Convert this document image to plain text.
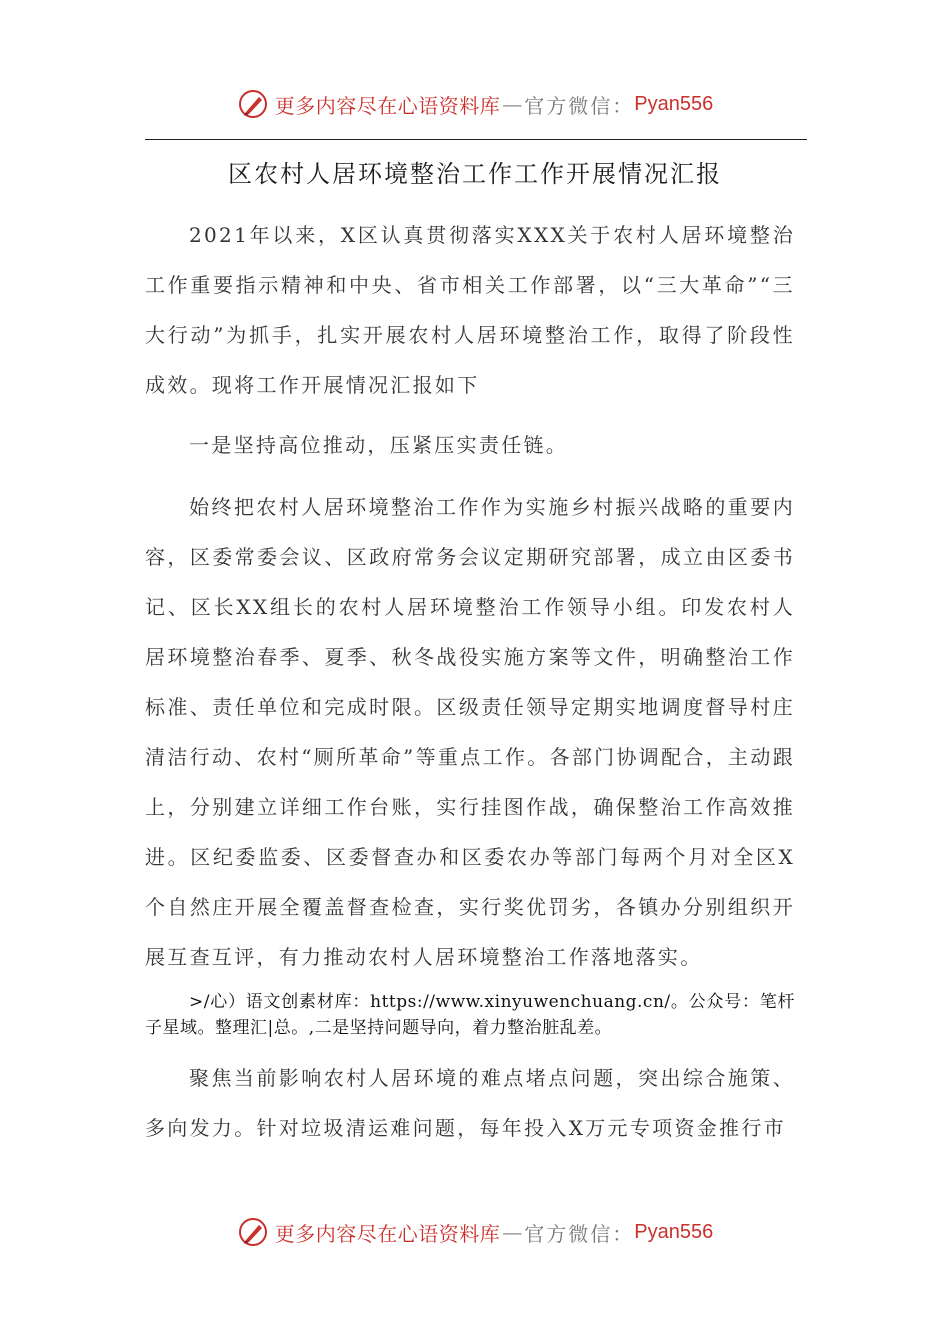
更多内容尽在心语资料库 — 官方微信： Pyan556
区农村人居环境整治工作工作开展情况汇报

2021年以来，X区认真贯彻落实XXX关于农村人居环境整治工作重要指示精神和中央、省市相关工作部署，以“三大革命”“三大行动”为抓手，扎实开展农村人居环境整治工作，取得了阶段性成效。现将工作开展情况汇报如下

一是坚持高位推动，压紧压实责任链。

始终把农村人居环境整治工作作为实施乡村振兴战略的重要内容，区委常委会议、区政府常务会议定期研究部署，成立由区委书记、区长XX组长的农村人居环境整治工作领导小组。印发农村人居环境整治春季、夏季、秋冬战役实施方案等文件，明确整治工作标准、责任单位和完成时限。区级责任领导定期实地调度督导村庄清洁行动、农村“厕所革命”等重点工作。各部门协调配合，主动跟上，分别建立详细工作台账，实行挂图作战，确保整治工作高效推进。区纪委监委、区委督查办和区委农办等部门每两个月对全区X个自然庄开展全覆盖督查检查，实行奖优罚劣，各镇办分别组织开展互查互评，有力推动农村人居环境整治工作落地落实。

>/心）语文创素材库：https://www.xinyuwenchuang.cn/。公众号：笔杆子星域。整理汇|总。,二是坚持问题导向，着力整治脏乱差。

聚焦当前影响农村人居环境的难点堵点问题，突出综合施策、多向发力。针对垃圾清运难问题，每年投入X万元专项资金推行市

更多内容尽在心语资料库 — 官方微信： Pyan556
